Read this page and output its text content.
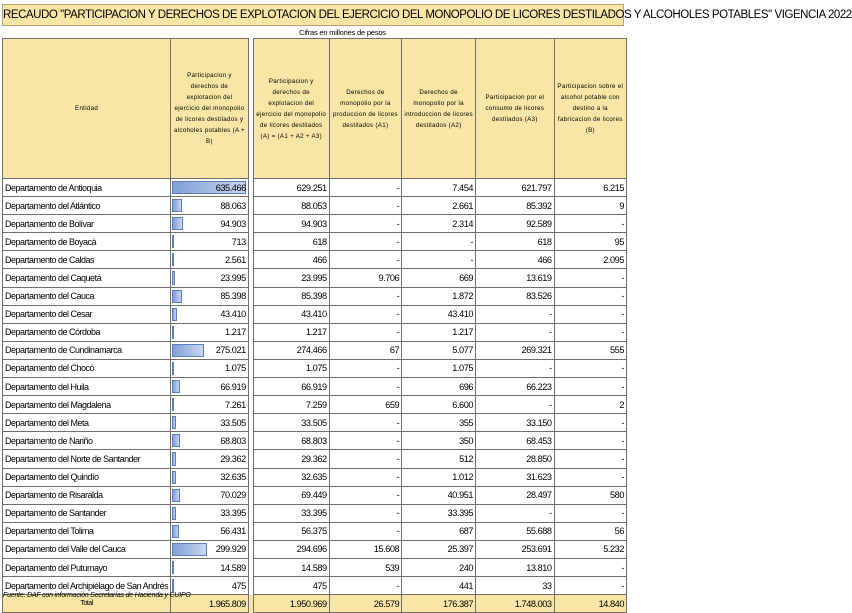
RECAUDO "PARTICIPACION Y DERECHOS DE EXPLOTACION DEL EJERCICIO DEL MONOPOLIO DE LICORES DESTILADOS Y ALCOHOLES POTABLES" VIGENCIA 2022
Cifras en millones de pesos
Entidad	Participacion y derechos de explotacion del ejercicio del monopolio de licores destilados y alcoholes potables (A + B)		Participacion y derechos de explotacion del ejercicio del monopolio de licores destilados (A) = (A1 + A2 + A3)	Derechos de monopolio por la produccion de licores destilados (A1)	Derechos de monopolio por la introduccion de licores destilados (A2)	Participacion por el consumo de licores destilados (A3)	Participacion sobre el alcohol potable con destino a la fabricacion de licores (B)
Departamento de Antioquia	635.466		629.251	-	7.454	621.797	6.215
Departamento del Atlántico	88.063		88.053	-	2.661	85.392	9
Departamento de Bolívar	94.903		94.903	-	2.314	92.589	-
Departamento de Boyacá	713		618	-	-	618	95
Departamento de Caldas	2.561		466	-	-	466	2.095
Departamento del Caquetá	23.995		23.995	9.706	669	13.619	-
Departamento del Cauca	85.398		85.398	-	1.872	83.526	-
Departamento del Cesar	43.410		43.410	-	43.410	-	-
Departamento de Córdoba	1.217		1.217	-	1.217	-	-
Departamento de Cundinamarca	275.021		274.466	67	5.077	269.321	555
Departamento del Chocó	1.075		1.075	-	1.075	-	-
Departamento del Huila	66.919		66.919	-	696	66.223	-
Departamento del Magdalena	7.261		7.259	659	6.600	-	2
Departamento del Meta	33.505		33.505	-	355	33.150	-
Departamento de Nariño	68.803		68.803	-	350	68.453	-
Departamento del Norte de Santander	29.362		29.362	-	512	28.850	-
Departamento del Quindío	32.635		32.635	-	1.012	31.623	-
Departamento de Risaralda	70.029		69.449	-	40.951	28.497	580
Departamento de Santander	33.395		33.395	-	33.395	-	-
Departamento del Tolima	56.431		56.375	-	687	55.688	56
Departamento del Valle del Cauca	299.929		294.696	15.608	25.397	253.691	5.232
Departamento del Putumayo	14.589		14.589	539	240	13.810	-
Departamento del Archipiélago de San Andrés	475		475	-	441	33	-
Total	1.965.809		1.950.969	26.579	176.387	1.748.003	14.840
Fuente: DAF con información Secretarías de Hacienda y CUIPO
